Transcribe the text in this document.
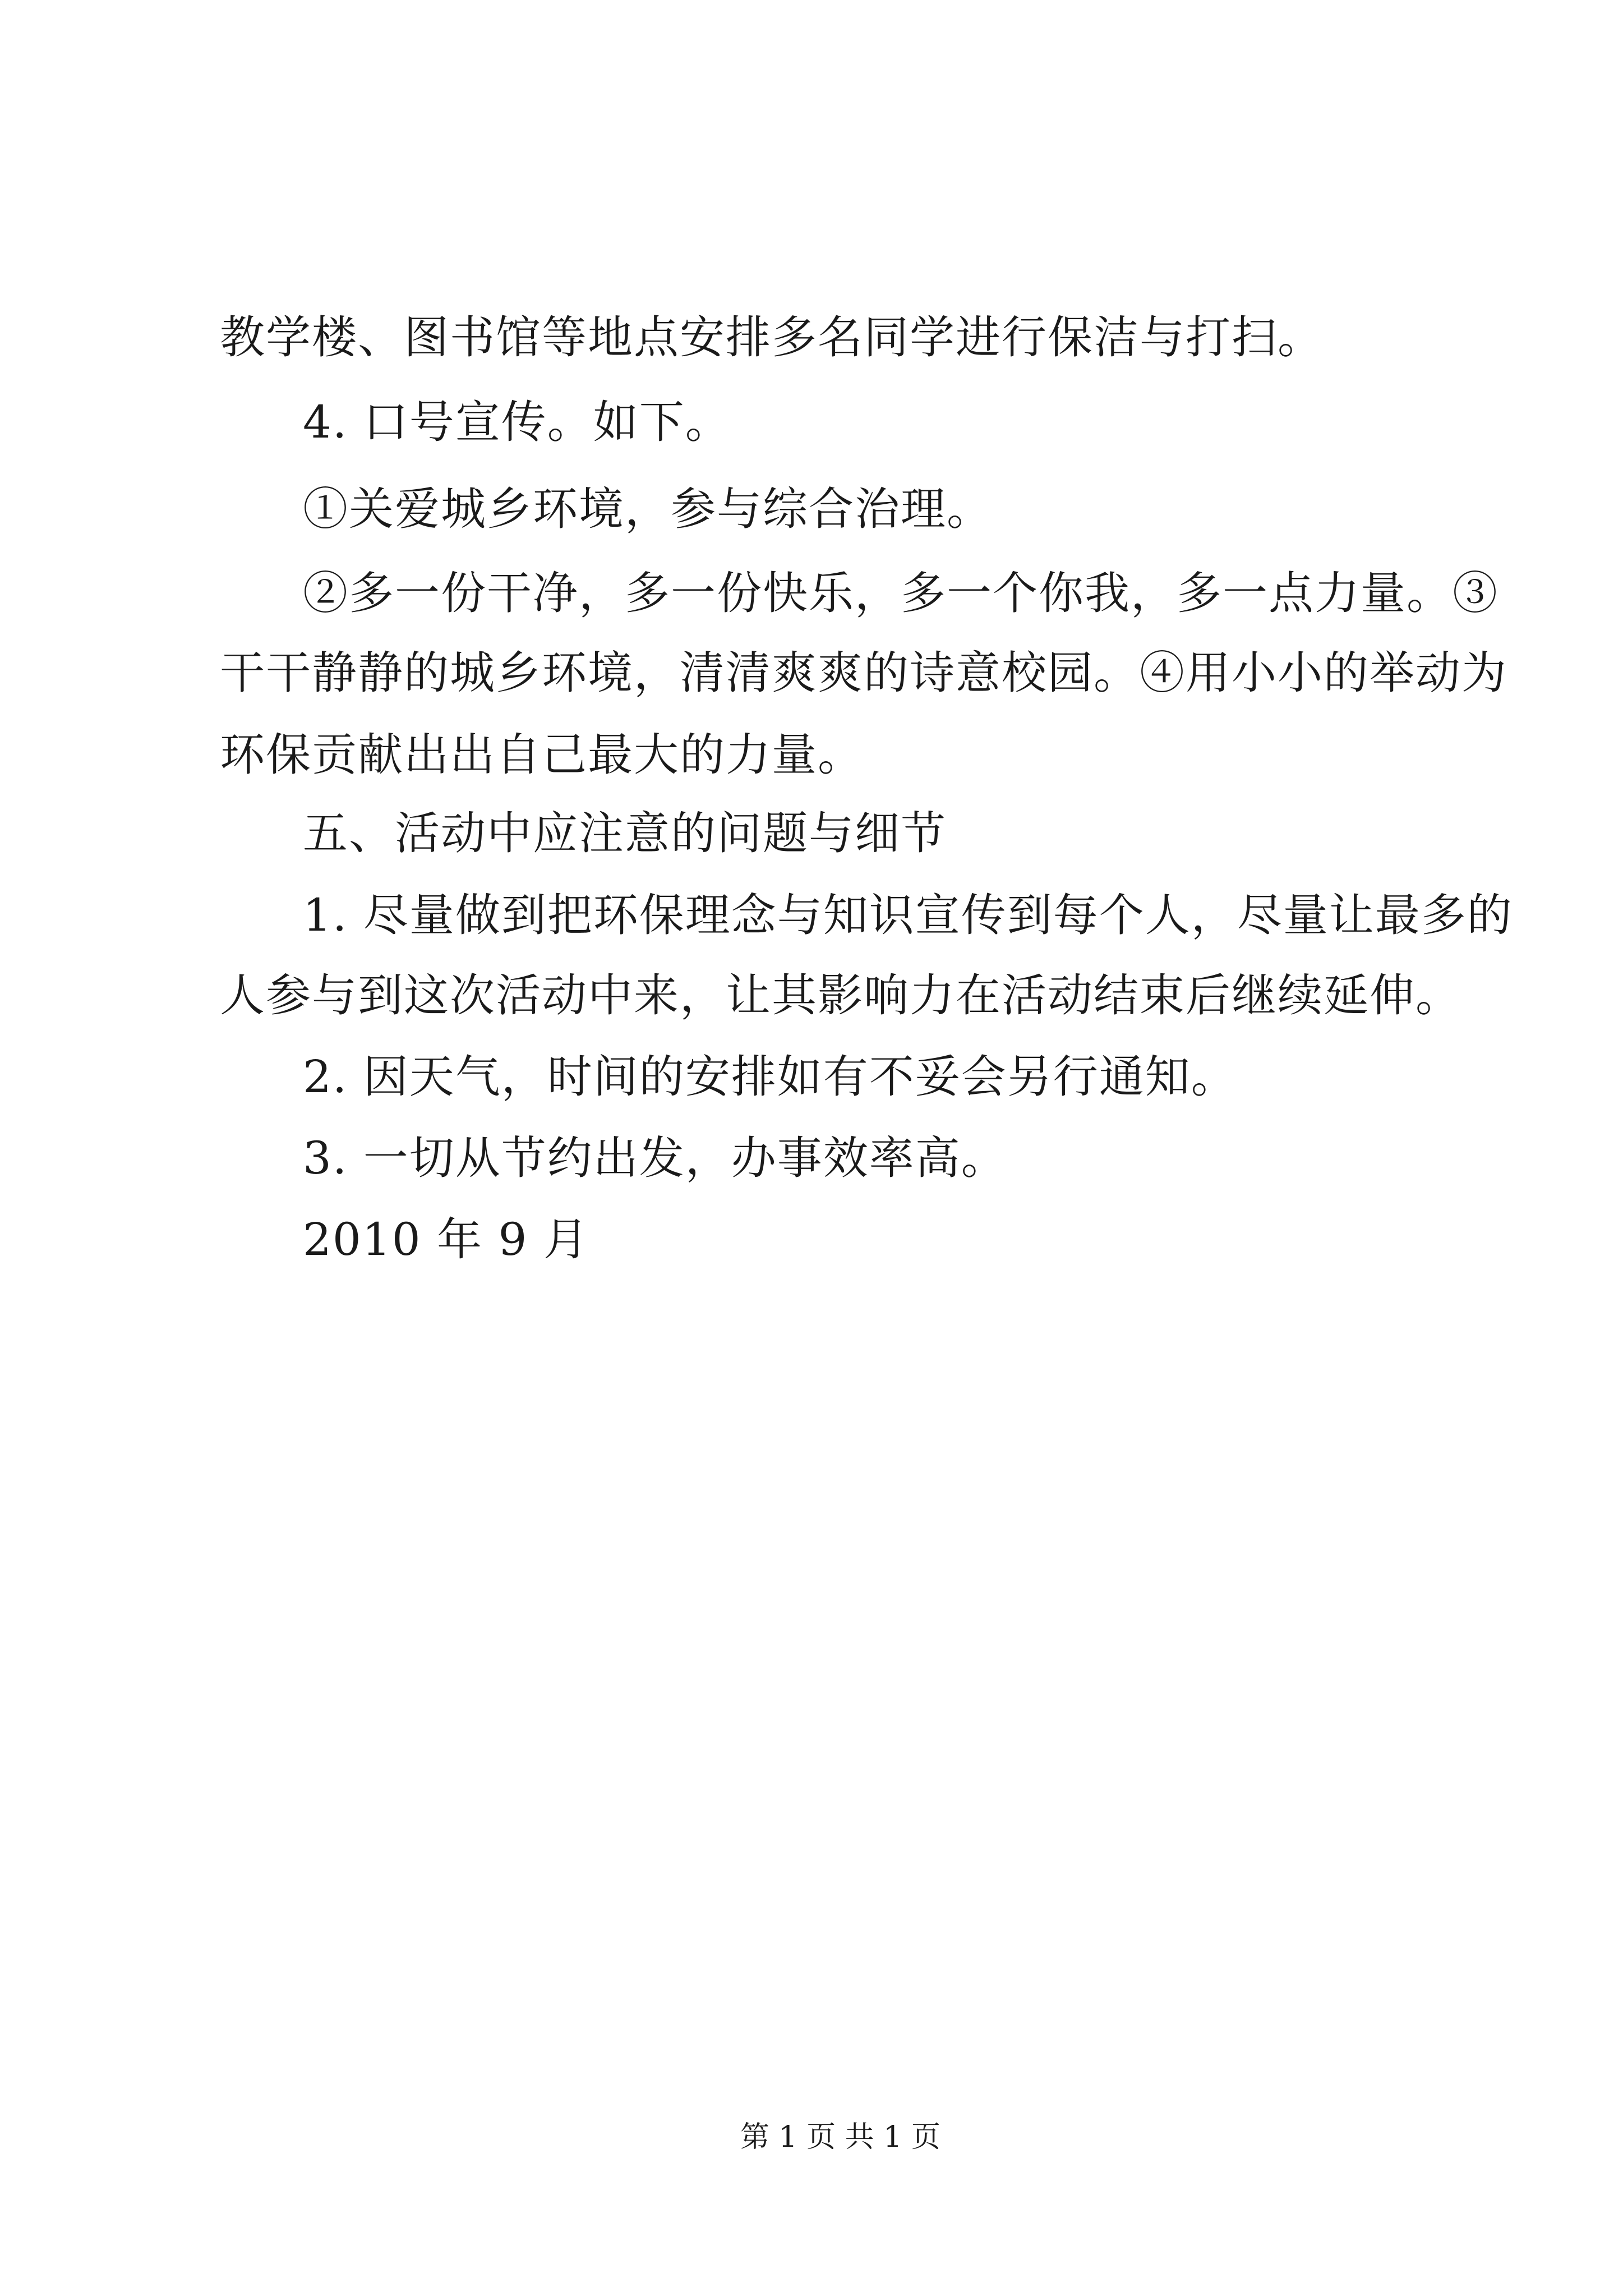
教学楼、图书馆等地点安排多名同学进行保洁与打扫。

4. 口号宣传。如下。

①关爱城乡环境，参与综合治理。

②多一份干净，多一份快乐，多一个你我，多一点力量。③

干干静静的城乡环境，清清爽爽的诗意校园。④用小小的举动为

环保贡献出出自己最大的力量。

五、活动中应注意的问题与细节

1. 尽量做到把环保理念与知识宣传到每个人，尽量让最多的

人参与到这次活动中来，让其影响力在活动结束后继续延伸。

2. 因天气，时间的安排如有不妥会另行通知。

3. 一切从节约出发，办事效率高。

2010 年 9 月

第 1 页 共 1 页
